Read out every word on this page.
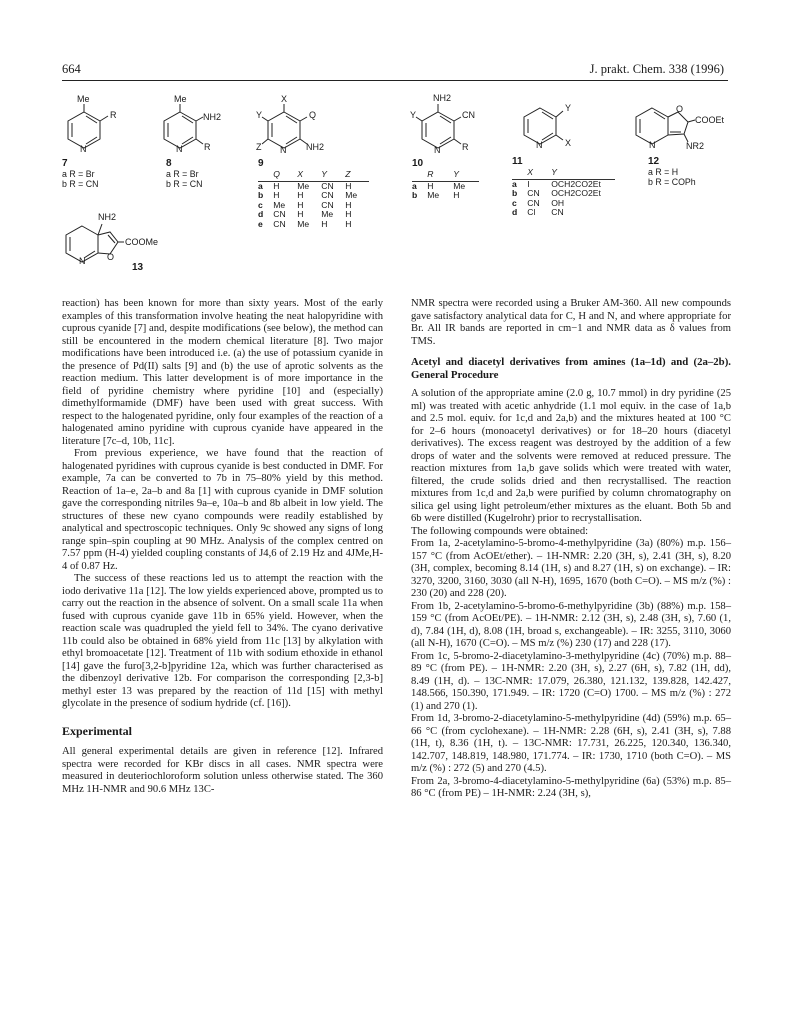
664	J. prakt. Chem. 338 (1996)
Me
R
N
7
a R = Br
b R = CN
Me
NH2
R
N
8
a R = Br
b R = CN
X
Y	Q
Z N NH2
9
	Q	X	Y	Z
a	H	Me	CN	H
b	H	H	CN	Me
c	Me	H	CN	H
d	CN	H	Me	H
e	CN	Me	H	H
NH2
Y	CN
N R
10
	R	Y
a	H	Me
b	Me	H
Y
N	X
11
	X	Y
a	I	OCH2CO2Et
b	CN	OCH2CO2Et
c	CN	OH
d	Cl	CN
O
COOEt
N	NR2
12
a R = H
b R = COPh
NH2
N O
COOMe
13

reaction) has been known for more than sixty years. Most of the early examples of this transformation involve heating the neat halopyridine with cuprous cyanide [7] and, despite modifications (see below), the method can still be encountered in the modern chemical literature [8]. Two major modifications have been introduced i.e. (a) the use of potassium cyanide in the presence of Pd(II) salts [9] and (b) the use of aprotic solvents as the reaction medium. This latter development is of more importance in the field of pyridine chemistry where pyridine [10] and (especially) dimethylformamide (DMF) have been used with great success. With respect to the halogenated pyridine, only four examples of the reaction of a halogenated amino pyridine with cuprous cyanide have appeared in the literature [7c–d, 10b, 11c].

From previous experience, we have found that the reaction of halogenated pyridines with cuprous cyanide is best conducted in DMF. For example, 7a can be converted to 7b in 75–80% yield by this method. Reaction of 1a–e, 2a–b and 8a [1] with cuprous cyanide in DMF solution gave the corresponding nitriles 9a–e, 10a–b and 8b albeit in low yield. The structures of these new cyano compounds were readily established by analytical and spectroscopic techniques. Only 9c showed any signs of long range spin–spin coupling at 90 MHz. Analysis of the complex centred on 7.57 ppm (H-4) yielded coupling constants of J4,6 of 2.19 Hz and 4JMe,H-4 of 0.87 Hz.

The success of these reactions led us to attempt the reaction with the iodo derivative 11a [12]. The low yields experienced above, prompted us to carry out the reaction in the absence of solvent. On a small scale 11a when fused with cuprous cyanide gave 11b in 65% yield. However, when the reaction scale was quadrupled the yield fell to 34%. The cyano derivative 11b could also be obtained in 68% yield from 11c [13] by alkylation with ethyl bromoacetate [12]. Treatment of 11b with sodium ethoxide in ethanol [14] gave the furo[3,2-b]pyridine 12a, which was further characterised as the dibenzoyl derivative 12b. For comparison the corresponding [2,3-b] methyl ester 13 was prepared by the reaction of 11d [15] with methyl glycolate in the presence of sodium hydride (cf. [16]).

Experimental

All general experimental details are given in reference [12]. Infrared spectra were recorded for KBr discs in all cases. NMR spectra were measured in deuteriochloroform solution unless otherwise stated. The 360 MHz 1H-NMR and 90.6 MHz 13C-

NMR spectra were recorded using a Bruker AM-360. All new compounds gave satisfactory analytical data for C, H and N, and where appropriate for Br. All IR bands are reported in cm−1 and NMR data as δ values from TMS.

Acetyl and diacetyl derivatives from amines (1a–1d) and (2a–2b). General Procedure

A solution of the appropriate amine (2.0 g, 10.7 mmol) in dry pyridine (25 ml) was treated with acetic anhydride (1.1 mol equiv. in the case of 1a,b and 2.5 mol. equiv. for 1c,d and 2a,b) and the mixtures heated at 100 °C for 2–6 hours (monoacetyl derivatives) or for 18–20 hours (diacetyl derivatives). The excess reagent was destroyed by the addition of a few drops of water and the solvents were removed at reduced pressure. The reaction mixtures from 1a,b gave solids which were treated with water, filtered, the crude solids dried and then recrystallised. The reaction mixtures from 1c,d and 2a,b were purified by column chromatography on silica gel using light petroleum/ether mixtures as the eluant. Both 5b and 6b were distilled (Kugelrohr) prior to recrystallisation.

The following compounds were obtained:

From 1a, 2-acetylamino-5-bromo-4-methylpyridine (3a) (80%) m.p. 156–157 °C (from AcOEt/ether). – 1H-NMR: 2.20 (3H, s), 2.41 (3H, s), 8.20 (3H, complex, becoming 8.14 (1H, s) and 8.27 (1H, s) on exchange). – IR: 3270, 3200, 3160, 3030 (all N-H), 1695, 1670 (both C=O). – MS m/z (%) : 230 (20) and 228 (20).

From 1b, 2-acetylamino-5-bromo-6-methylpyridine (3b) (88%) m.p. 158–159 °C (from AcOEt/PE). – 1H-NMR: 2.12 (3H, s), 2.48 (3H, s), 7.60 (1, d), 7.84 (1H, d), 8.08 (1H, broad s, exchangeable). – IR: 3255, 3110, 3060 (all N-H), 1670 (C=O). – MS m/z (%) 230 (17) and 228 (17).

From 1c, 5-bromo-2-diacetylamino-3-methylpyridine (4c) (70%) m.p. 88–89 °C (from PE). – 1H-NMR: 2.20 (3H, s), 2.27 (6H, s), 7.82 (1H, dd), 8.49 (1H, d). – 13C-NMR: 17.079, 26.380, 121.132, 139.828, 142.427, 148.566, 150.390, 171.949. – IR: 1720 (C=O) 1700. – MS m/z (%) : 272 (1) and 270 (1).

From 1d, 3-bromo-2-diacetylamino-5-methylpyridine (4d) (59%) m.p. 65–66 °C (from cyclohexane). – 1H-NMR: 2.28 (6H, s), 2.41 (3H, s), 7.88 (1H, t), 8.36 (1H, t). – 13C-NMR: 17.731, 26.225, 120.340, 136.340, 142.707, 148.819, 148.980, 171.774. – IR: 1730, 1710 (both C=O). – MS m/z (%) : 272 (5) and 270 (4.5).

From 2a, 3-bromo-4-diacetylamino-5-methylpyridine (6a) (53%) m.p. 85–86 °C (from PE) – 1H-NMR: 2.24 (3H, s),
